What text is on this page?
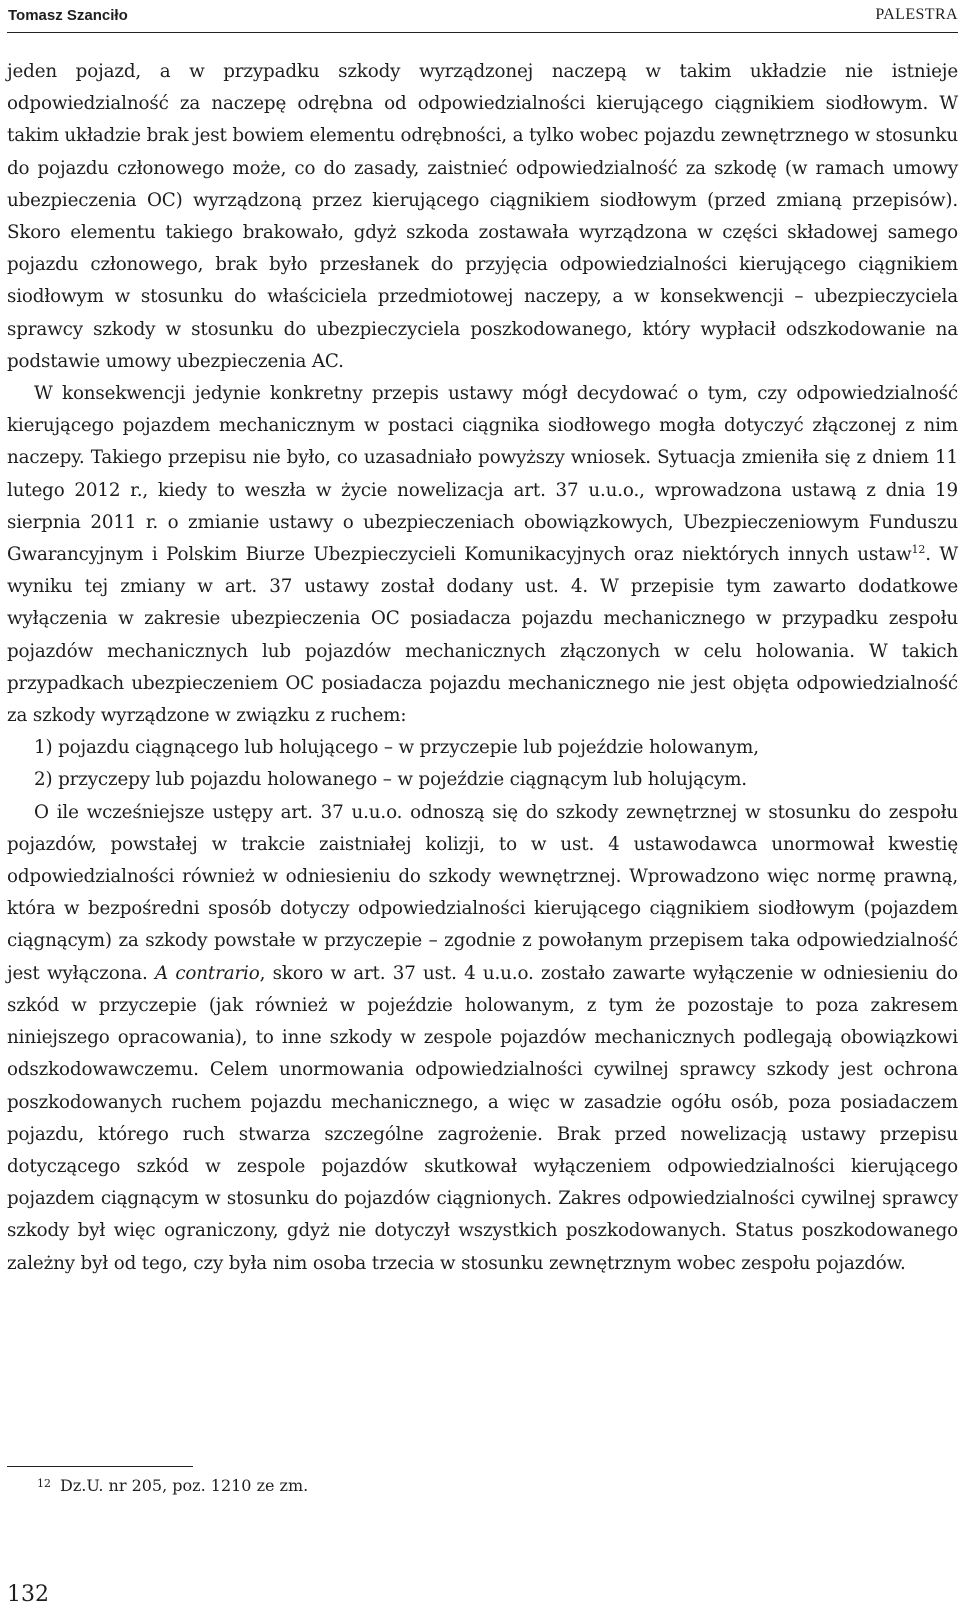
Tomasz Szanciło	PALESTRA

jeden pojazd, a w przypadku szkody wyrządzonej naczepą w takim układzie nie istnieje odpowiedzialność za naczepę odrębna od odpowiedzialności kierującego ciągnikiem siodłowym. W takim układzie brak jest bowiem elementu odrębności, a tylko wobec pojazdu zewnętrznego w stosunku do pojazdu członowego może, co do zasady, zaistnieć odpowiedzialność za szkodę (w ramach umowy ubezpieczenia OC) wyrządzoną przez kierującego ciągnikiem siodłowym (przed zmianą przepisów). Skoro elementu takiego brakowało, gdyż szkoda zostawała wyrządzona w części składowej samego pojazdu członowego, brak było przesłanek do przyjęcia odpowiedzialności kierującego ciągnikiem siodłowym w stosunku do właściciela przedmiotowej naczepy, a w konsekwencji – ubezpieczyciela sprawcy szkody w stosunku do ubezpieczyciela poszkodowanego, który wypłacił odszkodowanie na podstawie umowy ubezpieczenia AC.

W konsekwencji jedynie konkretny przepis ustawy mógł decydować o tym, czy odpowiedzialność kierującego pojazdem mechanicznym w postaci ciągnika siodłowego mogła dotyczyć złączonej z nim naczepy. Takiego przepisu nie było, co uzasadniało powyższy wniosek. Sytuacja zmieniła się z dniem 11 lutego 2012 r., kiedy to weszła w życie nowelizacja art. 37 u.u.o., wprowadzona ustawą z dnia 19 sierpnia 2011 r. o zmianie ustawy o ubezpieczeniach obowiązkowych, Ubezpieczeniowym Funduszu Gwarancyjnym i Polskim Biurze Ubezpieczycieli Komunikacyjnych oraz niektórych innych ustaw$^{12}$. W wyniku tej zmiany w art. 37 ustawy został dodany ust. 4. W przepisie tym zawarto dodatkowe wyłączenia w zakresie ubezpieczenia OC posiadacza pojazdu mechanicznego w przypadku zespołu pojazdów mechanicznych lub pojazdów mechanicznych złączonych w celu holowania. W takich przypadkach ubezpieczeniem OC posiadacza pojazdu mechanicznego nie jest objęta odpowiedzialność za szkody wyrządzone w związku z ruchem:

1) pojazdu ciągnącego lub holującego – w przyczepie lub pojeździe holowanym,

2) przyczepy lub pojazdu holowanego – w pojeździe ciągnącym lub holującym.

O ile wcześniejsze ustępy art. 37 u.u.o. odnoszą się do szkody zewnętrznej w stosunku do zespołu pojazdów, powstałej w trakcie zaistniałej kolizji, to w ust. 4 ustawodawca unormował kwestię odpowiedzialności również w odniesieniu do szkody wewnętrznej. Wprowadzono więc normę prawną, która w bezpośredni sposób dotyczy odpowiedzialności kierującego ciągnikiem siodłowym (pojazdem ciągnącym) za szkody powstałe w przyczepie – zgodnie z powołanym przepisem taka odpowiedzialność jest wyłączona. A contrario, skoro w art. 37 ust. 4 u.u.o. zostało zawarte wyłączenie w odniesieniu do szkód w przyczepie (jak również w pojeździe holowanym, z tym że pozostaje to poza zakresem niniejszego opracowania), to inne szkody w zespole pojazdów mechanicznych podlegają obowiązkowi odszkodowawczemu. Celem unormowania odpowiedzialności cywilnej sprawcy szkody jest ochrona poszkodowanych ruchem pojazdu mechanicznego, a więc w zasadzie ogółu osób, poza posiadaczem pojazdu, którego ruch stwarza szczególne zagrożenie. Brak przed nowelizacją ustawy przepisu dotyczącego szkód w zespole pojazdów skutkował wyłączeniem odpowiedzialności kierującego pojazdem ciągnącym w stosunku do pojazdów ciągnionych. Zakres odpowiedzialności cywilnej sprawcy szkody był więc ograniczony, gdyż nie dotyczył wszystkich poszkodowanych. Status poszkodowanego zależny był od tego, czy była nim osoba trzecia w stosunku zewnętrznym wobec zespołu pojazdów.

12 Dz.U. nr 205, poz. 1210 ze zm.
132
